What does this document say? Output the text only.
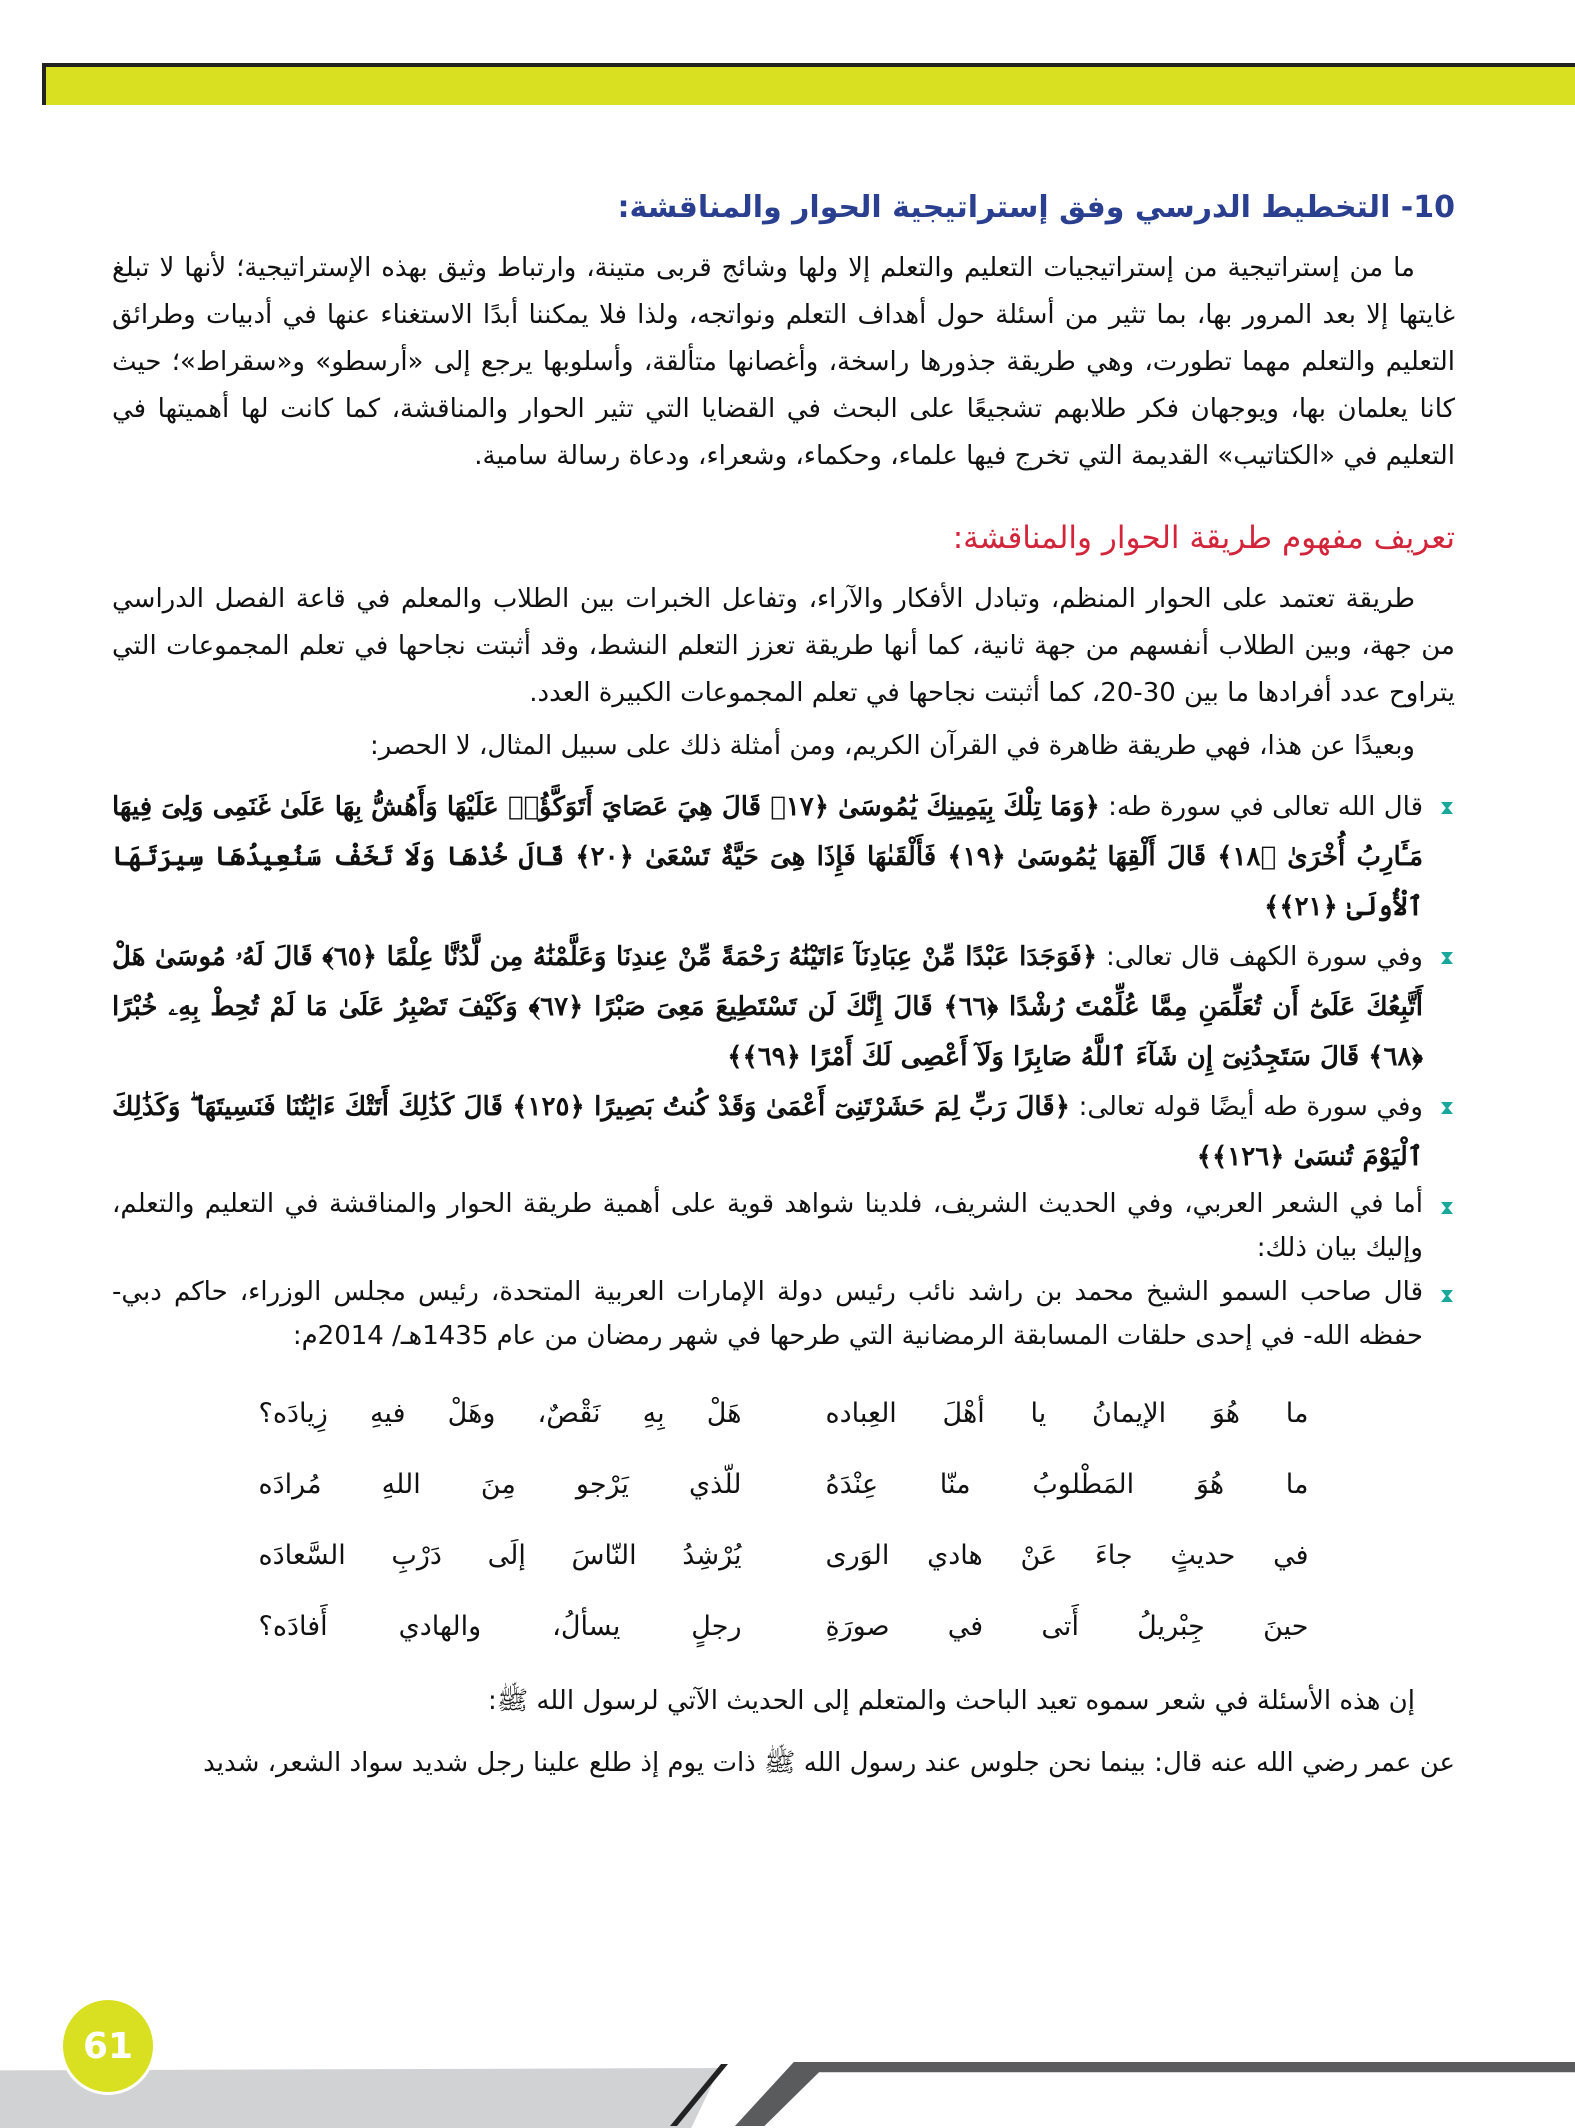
10- التخطيط الدرسي وفق إستراتيجية الحوار والمناقشة:

ما من إستراتيجية من إستراتيجيات التعليم والتعلم إلا ولها وشائج قربى متينة، وارتباط وثيق بهذه الإستراتيجية؛ لأنها لا تبلغ غايتها إلا بعد المرور بها، بما تثير من أسئلة حول أهداف التعلم ونواتجه، ولذا فلا يمكننا أبدًا الاستغناء عنها في أدبيات وطرائق التعليم والتعلم مهما تطورت، وهي طريقة جذورها راسخة، وأغصانها متألقة، وأسلوبها يرجع إلى «أرسطو» و«سقراط»؛ حيث كانا يعلمان بها، ويوجهان فكر طلابهم تشجيعًا على البحث في القضايا التي تثير الحوار والمناقشة، كما كانت لها أهميتها في التعليم في «الكتاتيب» القديمة التي تخرج فيها علماء، وحكماء، وشعراء، ودعاة رسالة سامية.

تعريف مفهوم طريقة الحوار والمناقشة:

طريقة تعتمد على الحوار المنظم، وتبادل الأفكار والآراء، وتفاعل الخبرات بين الطلاب والمعلم في قاعة الفصل الدراسي من جهة، وبين الطلاب أنفسهم من جهة ثانية، كما أنها طريقة تعزز التعلم النشط، وقد أثبتت نجاحها في تعلم المجموعات التي يتراوح عدد أفرادها ما بين 30-20، كما أثبتت نجاحها في تعلم المجموعات الكبيرة العدد.

وبعيدًا عن هذا، فهي طريقة ظاهرة في القرآن الكريم، ومن أمثلة ذلك على سبيل المثال، لا الحصر:

قال الله تعالى في سورة طه: ﴿وَمَا تِلْكَ بِيَمِينِكَ يَٰمُوسَىٰ ﴿١٧﴾ قَالَ هِيَ عَصَايَ أَتَوَكَّؤُا۟ عَلَيْهَا وَأَهُشُّ بِهَا عَلَىٰ غَنَمِى وَلِىَ فِيهَا مَـَٔارِبُ أُخْرَىٰ ﴿١٨﴾ قَالَ أَلْقِهَا يَٰمُوسَىٰ ﴿١٩﴾ فَأَلْقَىٰهَا فَإِذَا هِىَ حَيَّةٌ تَسْعَىٰ ﴿٢٠﴾ قَالَ خُذْهَا وَلَا تَخَفْ سَنُعِيدُهَا سِيرَتَهَا ٱلْأُولَىٰ ﴿٢١﴾﴾

وفي سورة الكهف قال تعالى: ﴿فَوَجَدَا عَبْدًا مِّنْ عِبَادِنَآ ءَاتَيْنَٰهُ رَحْمَةً مِّنْ عِندِنَا وَعَلَّمْنَٰهُ مِن لَّدُنَّا عِلْمًا ﴿٦٥﴾ قَالَ لَهُۥ مُوسَىٰ هَلْ أَتَّبِعُكَ عَلَىٰٓ أَن تُعَلِّمَنِ مِمَّا عُلِّمْتَ رُشْدًا ﴿٦٦﴾ قَالَ إِنَّكَ لَن تَسْتَطِيعَ مَعِىَ صَبْرًا ﴿٦٧﴾ وَكَيْفَ تَصْبِرُ عَلَىٰ مَا لَمْ تُحِطْ بِهِۦ خُبْرًا ﴿٦٨﴾ قَالَ سَتَجِدُنِىٓ إِن شَآءَ ٱللَّهُ صَابِرًا وَلَآ أَعْصِى لَكَ أَمْرًا ﴿٦٩﴾﴾

وفي سورة طه أيضًا قوله تعالى: ﴿قَالَ رَبِّ لِمَ حَشَرْتَنِىٓ أَعْمَىٰ وَقَدْ كُنتُ بَصِيرًا ﴿١٢٥﴾ قَالَ كَذَٰلِكَ أَتَتْكَ ءَايَٰتُنَا فَنَسِيتَهَا ۖ وَكَذَٰلِكَ ٱلْيَوْمَ تُنسَىٰ ﴿١٢٦﴾﴾

أما في الشعر العربي، وفي الحديث الشريف، فلدينا شواهد قوية على أهمية طريقة الحوار والمناقشة في التعليم والتعلم، وإليك بيان ذلك:

قال صاحب السمو الشيخ محمد بن راشد نائب رئيس دولة الإمارات العربية المتحدة، رئيس مجلس الوزراء، حاكم دبي- حفظه الله- في إحدى حلقات المسابقة الرمضانية التي طرحها في شهر رمضان من عام 1435هـ/ 2014م:

ما هُوَ الإيمانُ يا أهْلَ العِباده
هَلْ بِهِ نَقْصٌ، وهَلْ فيهِ زِيادَه؟
ما هُوَ المَطْلوبُ منّا عِنْدَهُ
للّذي يَرْجو مِنَ اللهِ مُرادَه
في حديثٍ جاءَ عَنْ هادي الوَرى
يُرْشِدُ النّاسَ إلَى دَرْبِ السَّعادَه
حينَ جِبْريلُ أَتى في صورَةِ
رجلٍ يسألُ، والهادي أَفادَه؟

إن هذه الأسئلة في شعر سموه تعيد الباحث والمتعلم إلى الحديث الآتي لرسول الله ﷺ:

عن عمر رضي الله عنه قال: بينما نحن جلوس عند رسول الله ﷺ ذات يوم إذ طلع علينا رجل شديد سواد الشعر، شديد

61
